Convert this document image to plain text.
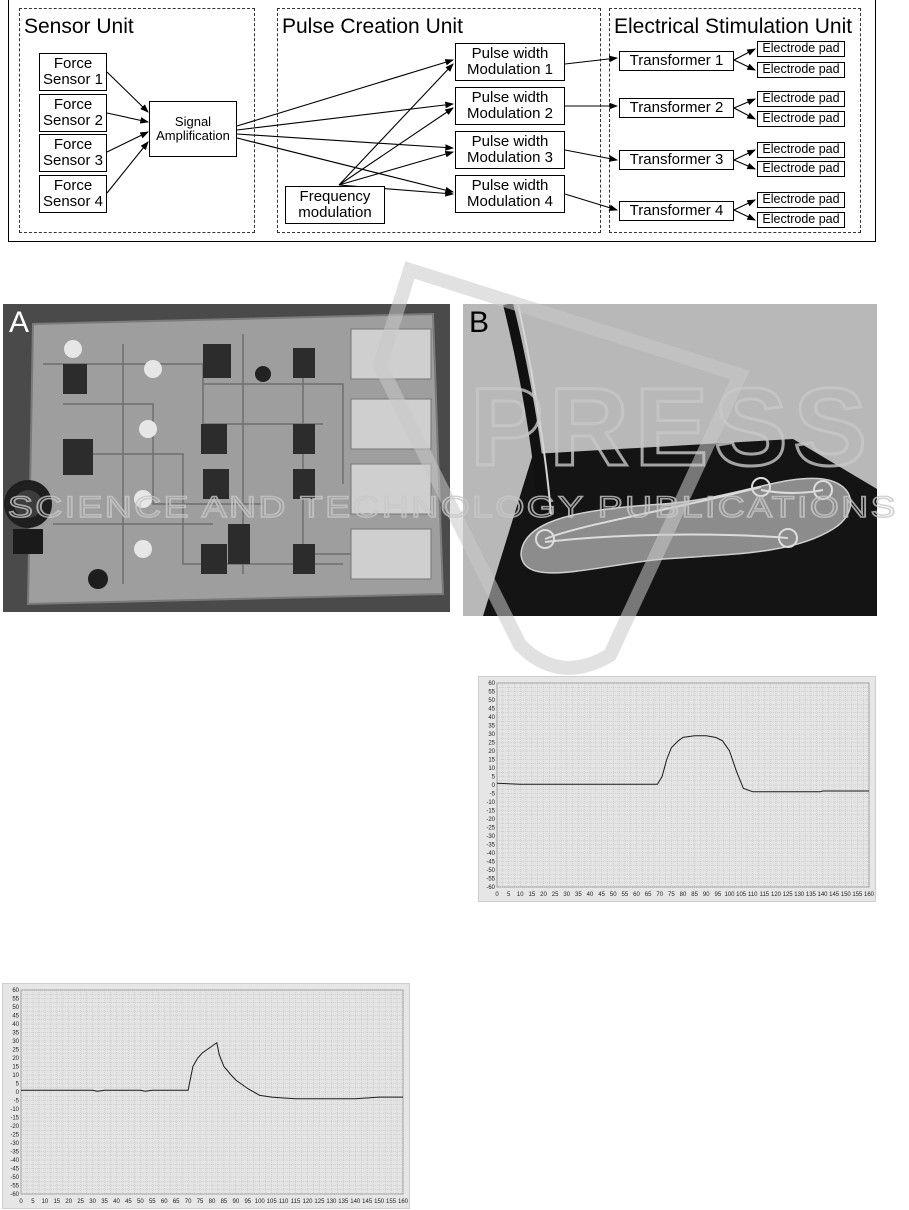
Sensor Unit	Pulse Creation Unit	Electrical Stimulation Unit
Force
Sensor 1
Force
Sensor 2
Force
Sensor 3
Force
Sensor 4
Signal
Amplification
Frequency
modulation
Pulse width
Modulation 1
Pulse width
Modulation 2
Pulse width
Modulation 3
Pulse width
Modulation 4
Transformer 1
Transformer 2
Transformer 3
Transformer 4
Electrode pad
Electrode pad
Electrode pad
Electrode pad
Electrode pad
Electrode pad
Electrode pad
Electrode pad
A	B
60
55
50
45
40
35
30
25
20
15
10
5
0
-5
-10
-15
-20
-25
-30
-35
-40
-45
-50
-55
-60
0 5 10 15 20 25 30 35 40 45 50 55 60 65 70 75 80 85 90 95 100 105 110 115 120 125 130 135 140 145 150 155 160
60
55
50
45
40
35
30
25
20
15
10
5
0
-5
-10
-15
-20
-25
-30
-35
-40
-45
-50
-55
-60
0 5 10 15 20 25 30 35 40 45 50 55 60 65 70 75 80 85 90 95 100 105 110 115 120 125 130 135 140 145 150 155 160
PRESS
SCIENCE AND TECHNOLOGY PUBLICATIONS
